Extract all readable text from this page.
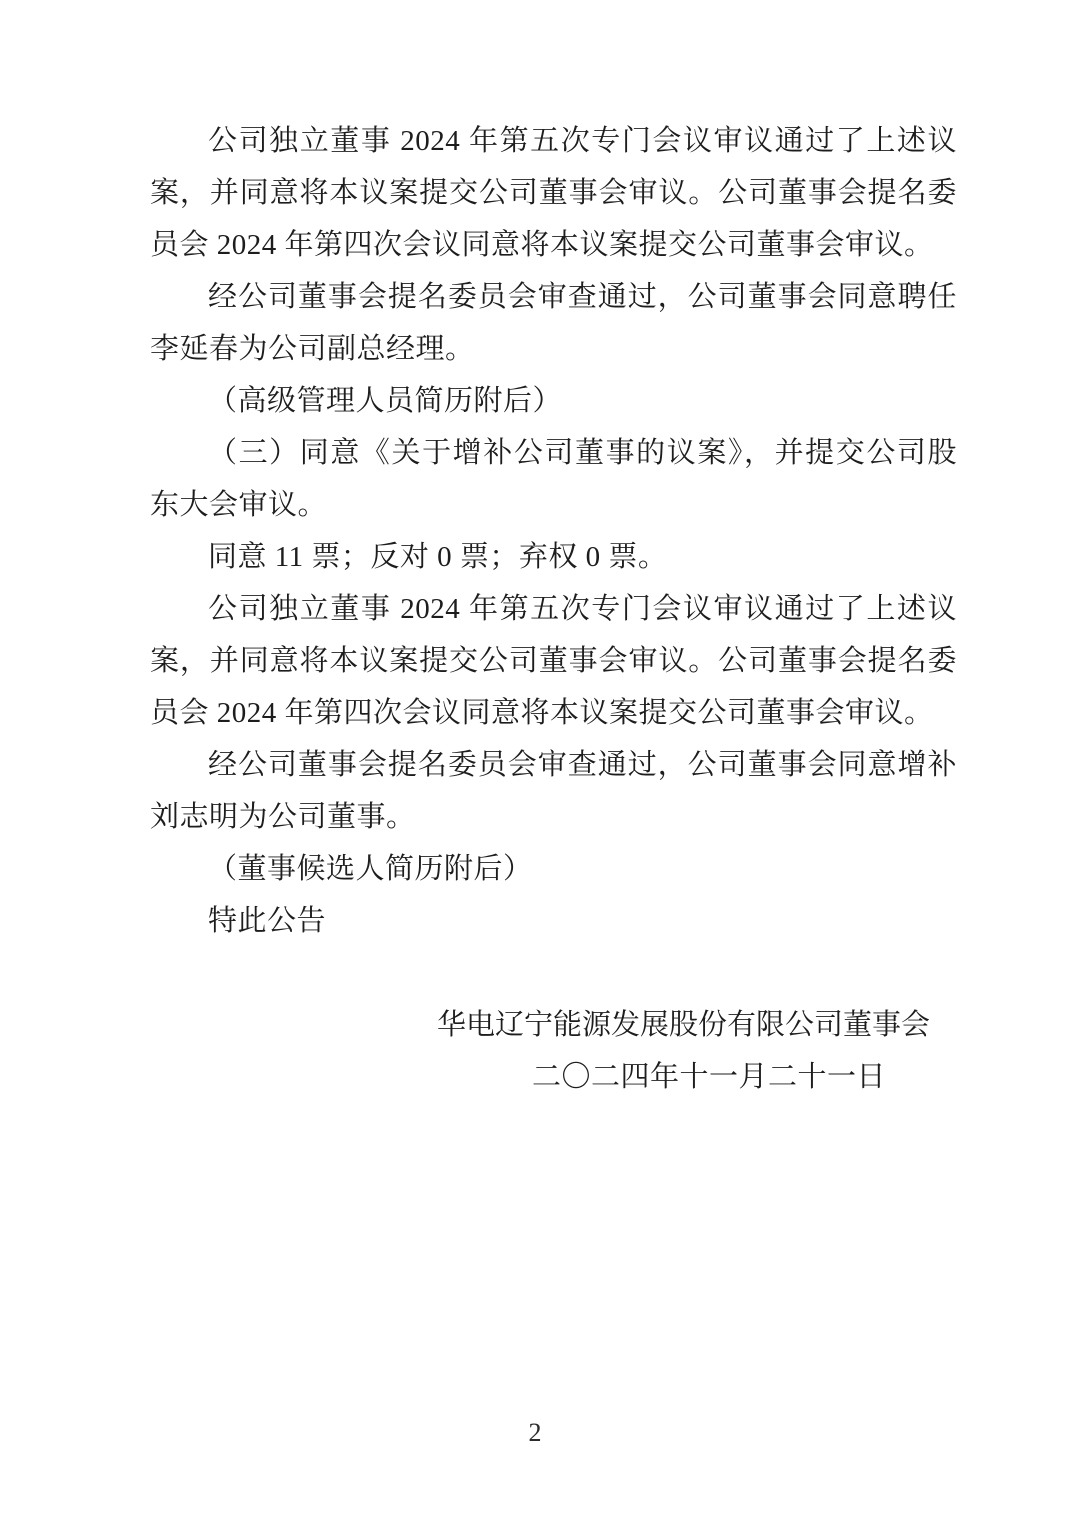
公司独立董事 2024 年第五次专门会议审议通过了上述议案，并同意将本议案提交公司董事会审议。公司董事会提名委员会 2024 年第四次会议同意将本议案提交公司董事会审议。

经公司董事会提名委员会审查通过，公司董事会同意聘任李延春为公司副总经理。

（高级管理人员简历附后）

（三）同意《关于增补公司董事的议案》，并提交公司股东大会审议。

同意 11 票；反对 0 票；弃权 0 票。

公司独立董事 2024 年第五次专门会议审议通过了上述议案，并同意将本议案提交公司董事会审议。公司董事会提名委员会 2024 年第四次会议同意将本议案提交公司董事会审议。

经公司董事会提名委员会审查通过，公司董事会同意增补刘志明为公司董事。

（董事候选人简历附后）

特此公告

华电辽宁能源发展股份有限公司董事会

二〇二四年十一月二十一日

2
